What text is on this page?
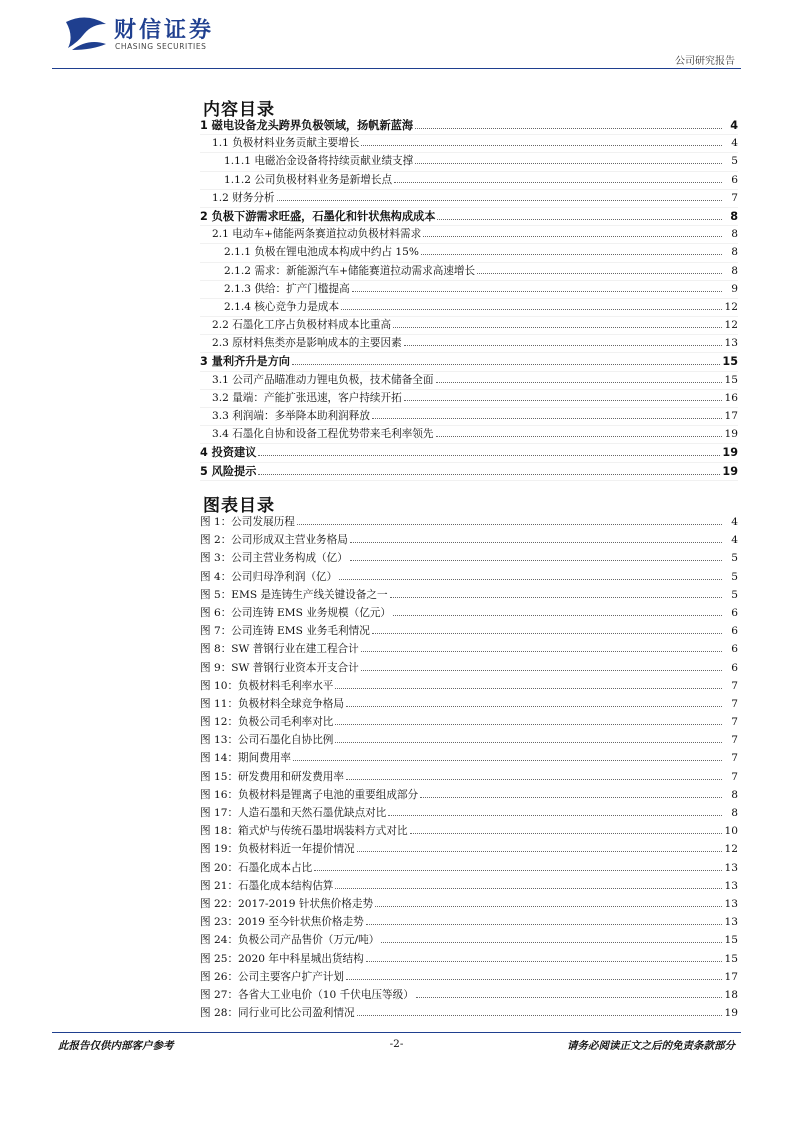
财信证券
CHASING SECURITIES
公司研究报告
内容目录
1 磁电设备龙头跨界负极领域，扬帆新蓝海	4
1.1 负极材料业务贡献主要增长	4
1.1.1 电磁冶金设备将持续贡献业绩支撑	5
1.1.2 公司负极材料业务是新增长点	6
1.2 财务分析	7
2 负极下游需求旺盛，石墨化和针状焦构成成本	8
2.1 电动车+储能两条赛道拉动负极材料需求	8
2.1.1 负极在锂电池成本构成中约占 15%	8
2.1.2 需求：新能源汽车+储能赛道拉动需求高速增长	8
2.1.3 供给：扩产门槛提高	9
2.1.4 核心竞争力是成本	12
2.2 石墨化工序占负极材料成本比重高	12
2.3 原材料焦类亦是影响成本的主要因素	13
3 量利齐升是方向	15
3.1 公司产品瞄准动力锂电负极，技术储备全面	15
3.2 量端：产能扩张迅速，客户持续开拓	16
3.3 利润端：多举降本助利润释放	17
3.4 石墨化自协和设备工程优势带来毛利率领先	19
4 投资建议	19
5 风险提示	19
图表目录
图 1：公司发展历程	4
图 2：公司形成双主营业务格局	4
图 3：公司主营业务构成（亿）	5
图 4：公司归母净利润（亿）	5
图 5：EMS 是连铸生产线关键设备之一	5
图 6：公司连铸 EMS 业务规模（亿元）	6
图 7：公司连铸 EMS 业务毛利情况	6
图 8：SW 普钢行业在建工程合计	6
图 9：SW 普钢行业资本开支合计	6
图 10：负极材料毛利率水平	7
图 11：负极材料全球竞争格局	7
图 12：负极公司毛利率对比	7
图 13：公司石墨化自协比例	7
图 14：期间费用率	7
图 15：研发费用和研发费用率	7
图 16：负极材料是锂离子电池的重要组成部分	8
图 17：人造石墨和天然石墨优缺点对比	8
图 18：箱式炉与传统石墨坩埚装料方式对比	10
图 19：负极材料近一年提价情况	12
图 20：石墨化成本占比	13
图 21：石墨化成本结构估算	13
图 22：2017-2019 针状焦价格走势	13
图 23：2019 至今针状焦价格走势	13
图 24：负极公司产品售价（万元/吨）	15
图 25：2020 年中科星城出货结构	15
图 26：公司主要客户扩产计划	17
图 27：各省大工业电价（10 千伏电压等级）	18
图 28：同行业可比公司盈利情况	19
此报告仅供内部客户参考	-2-	请务必阅读正文之后的免责条款部分
